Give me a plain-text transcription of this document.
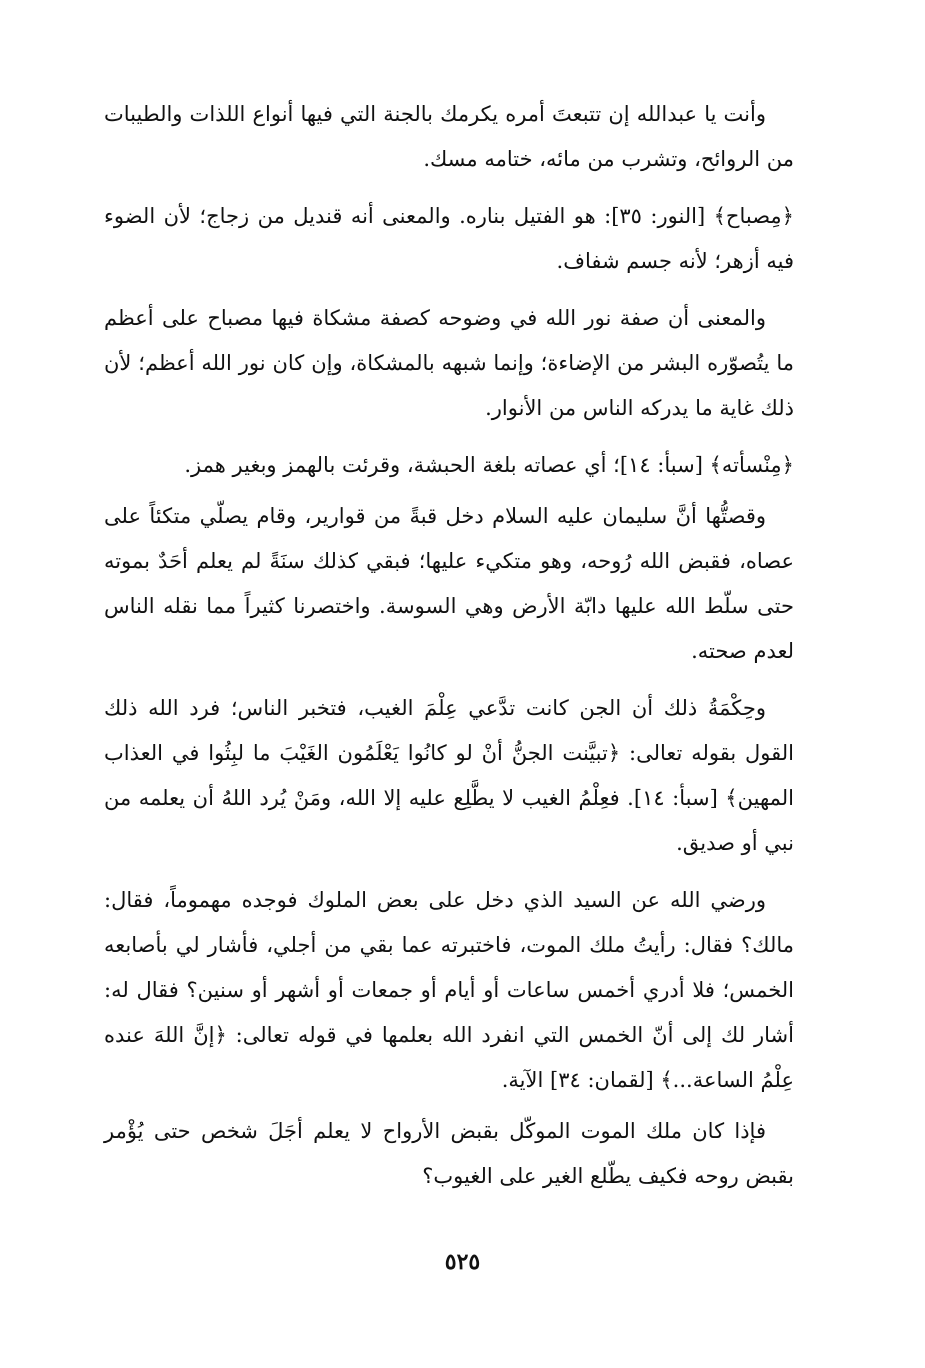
وأنت يا عبدالله إن تتبعتَ أمره يكرمك بالجنة التي فيها أنواع اللذات والطيبات من الروائح، وتشرب من مائه، ختامه مسك.

﴿مِصباح﴾ [النور: ٣٥]: هو الفتيل بناره. والمعنى أنه قنديل من زجاج؛ لأن الضوء فيه أزهر؛ لأنه جسم شفاف.

والمعنى أن صفة نور الله في وضوحه كصفة مشكاة فيها مصباح على أعظم ما يتُصوّره البشر من الإضاءة؛ وإنما شبهه بالمشكاة، وإن كان نور الله أعظم؛ لأن ذلك غاية ما يدركه الناس من الأنوار.

﴿مِنْسأته﴾ [سبأ: ١٤]؛ أي عصاته بلغة الحبشة، وقرئت بالهمز وبغير همز.

وقصتُّها أنَّ سليمان عليه السلام دخل قبةً من قوارير، وقام يصلّي متكئاً على عصاه، فقبض الله رُوحه، وهو متكيء عليها؛ فبقي كذلك سنَةً لم يعلم أحَدٌ بموته حتى سلّط الله عليها دابّة الأرض وهي السوسة. واختصرنا كثيراً مما نقله الناس لعدم صحته.

وحِكْمَةُ ذلك أن الجن كانت تدَّعي عِلْمَ الغيب، فتخبر الناس؛ فرد الله ذلك القول بقوله تعالى: ﴿تبيَّنت الجنُّ أنْ لو كانُوا يَعْلَمُون الغَيْبَ ما لبِثُوا في العذاب المهين﴾ [سبأ: ١٤]. فعِلْمُ الغيب لا يطَّلِع عليه إلا الله، ومَنْ يُرد اللهُ أن يعلمه من نبي أو صديق.

ورضي الله عن السيد الذي دخل على بعض الملوك فوجده مهموماً، فقال: مالك؟ فقال: رأيتُ ملك الموت، فاختبرته عما بقي من أجلي، فأشار لي بأصابعه الخمس؛ فلا أدري أخمس ساعات أو أيام أو جمعات أو أشهر أو سنين؟ فقال له: أشار لك إلى أنّ الخمس التي انفرد الله بعلمها في قوله تعالى: ﴿إنَّ اللهَ عنده عِلْمُ الساعة...﴾ [لقمان: ٣٤] الآية.

فإذا كان ملك الموت الموكّل بقبض الأرواح لا يعلم أجَلَ شخص حتى يُؤْمر بقبض روحه فكيف يطّلع الغير على الغيوب؟

٥٢٥
